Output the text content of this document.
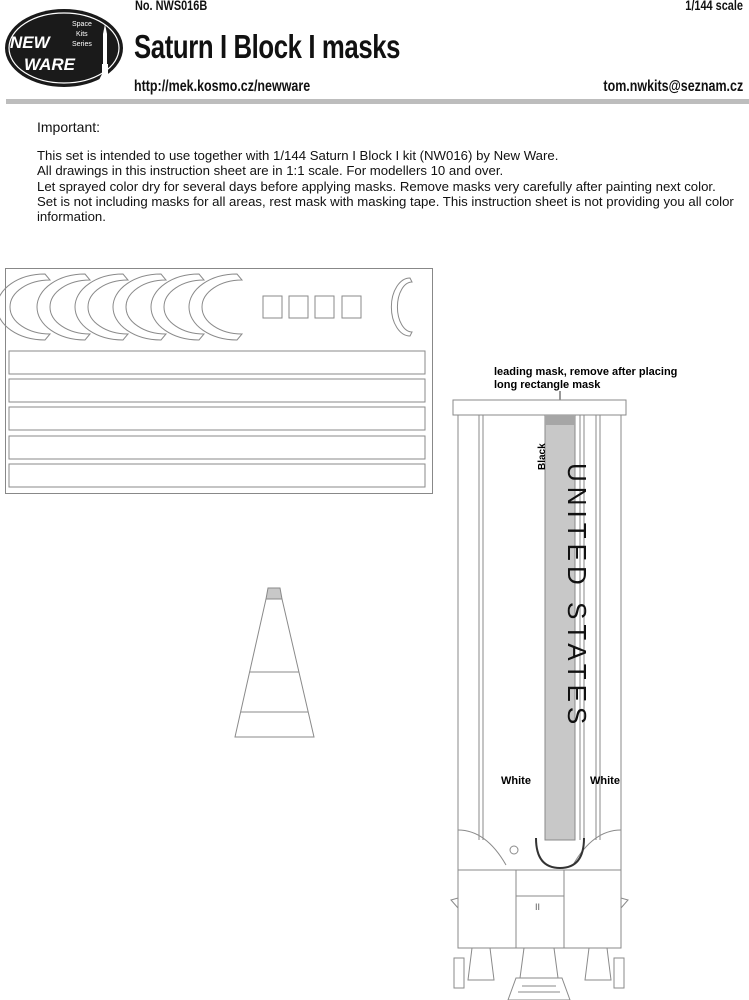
NEW
WARE
Space
Kits
Series
No. NWS016B	1/144 scale
Saturn I Block I masks
http://mek.kosmo.cz/newware	tom.nwkits@seznam.cz
Important:
This set is intended to use together with 1/144 Saturn I Block I kit (NW016) by New Ware.
All drawings in this instruction sheet are in 1:1 scale. For modellers 10 and over.
Let sprayed color dry for several days before applying masks. Remove masks very carefully after painting next color.
Set is not including masks for all areas, rest mask with masking tape. This instruction sheet is not providing you all color information.
leading mask, remove after placing
long rectangle mask
Black
UNITED STATES
White	White
II
